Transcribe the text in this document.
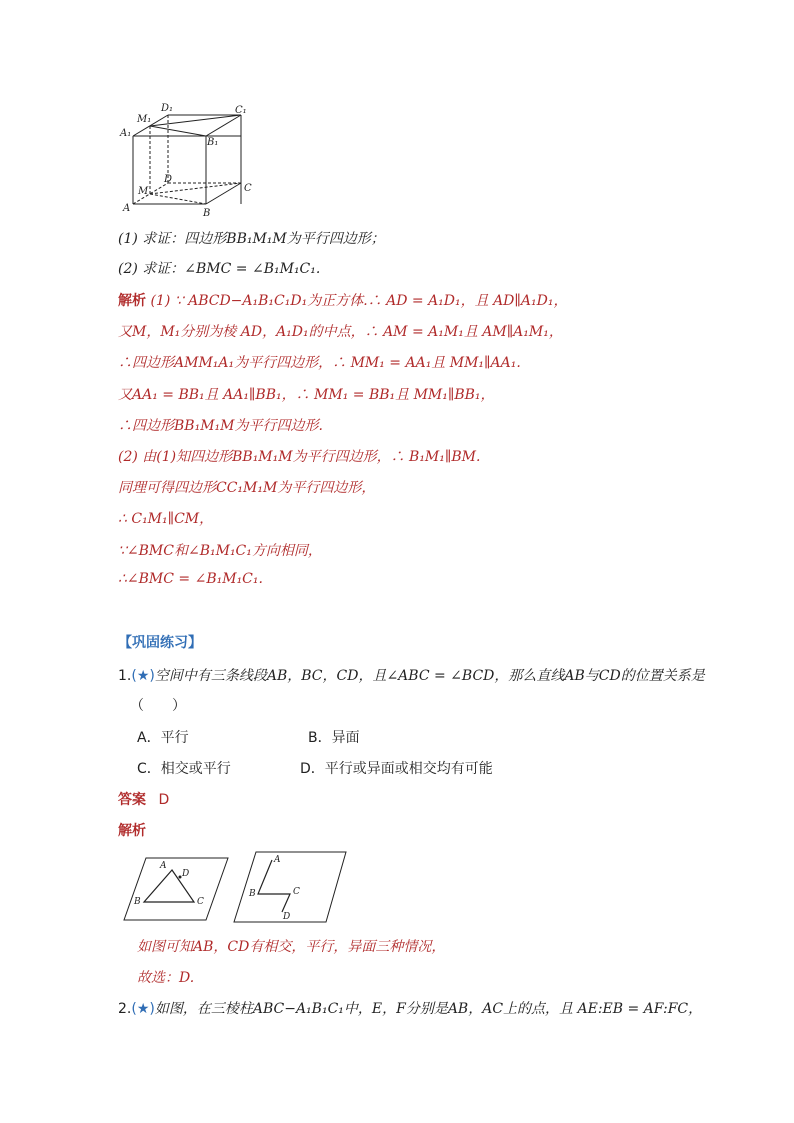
D₁	C₁
M₁
A₁
B₁
D
M	C
A	B
(1) 求证：四边形BB₁M₁M为平行四边形；
(2) 求证：∠BMC = ∠B₁M₁C₁.
解析 (1) ∵ ABCD−A₁B₁C₁D₁为正方体.∴ AD = A₁D₁，且 AD∥A₁D₁，
又M，M₁分别为棱 AD，A₁D₁的中点，∴ AM = A₁M₁且 AM∥A₁M₁，
∴四边形AMM₁A₁为平行四边形，∴ MM₁ = AA₁且 MM₁∥AA₁.
又AA₁ = BB₁且 AA₁∥BB₁，∴ MM₁ = BB₁且 MM₁∥BB₁，
∴四边形BB₁M₁M为平行四边形.
(2) 由(1)知四边形BB₁M₁M为平行四边形，∴ B₁M₁∥BM.
同理可得四边形CC₁M₁M为平行四边形，
∴ C₁M₁∥CM，
∵∠BMC和∠B₁M₁C₁方向相同，
∴∠BMC = ∠B₁M₁C₁.
【巩固练习】
1.(★)空间中有三条线段AB，BC，CD，且∠ABC = ∠BCD，那么直线AB与CD的位置关系是
（　　）
A．平行	B．异面
C．相交或平行	D．平行或异面或相交均有可能
答案 D
解析
A
D
B	C
A
B	C
D
如图可知AB，CD有相交，平行，异面三种情况，
故选：D.
2.(★)如图，在三棱柱ABC−A₁B₁C₁中，E，F分别是AB，AC上的点，且 AE:EB = AF:FC，
